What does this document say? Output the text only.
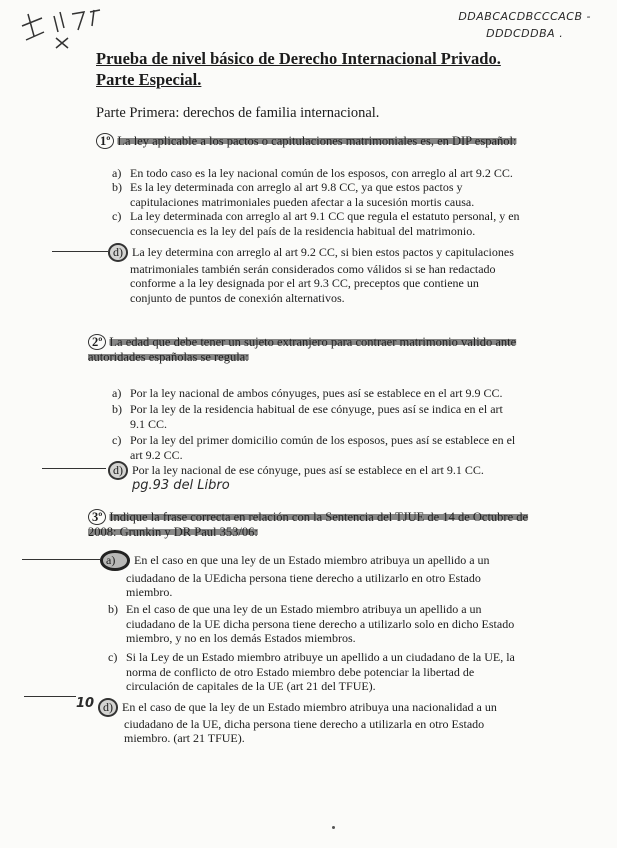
DDABCACDBCCCACB -
DDDCDDBA .
Prueba de nivel básico de Derecho Internacional Privado. Parte Especial.
Parte Primera: derechos de familia internacional.
1º La ley aplicable a los pactos o capitulaciones matrimoniales es, en DIP español:
a) En todo caso es la ley nacional común de los esposos, con arreglo al art 9.2 CC.
b) Es la ley determinada con arreglo al art 9.8 CC, ya que estos pactos y
capitulaciones matrimoniales pueden afectar a la sucesión mortis causa.
c) La ley determinada con arreglo al art 9.1 CC que regula el estatuto personal, y en
consecuencia es la ley del país de la residencia habitual del matrimonio.
d) La ley determina con arreglo al art 9.2 CC, si bien estos pactos y capitulaciones
matrimoniales también serán considerados como válidos si se han redactado
conforme a la ley designada por el art 9.3 CC, preceptos que contiene un
conjunto de puntos de conexión alternativos.
2º La edad que debe tener un sujeto extranjero para contraer matrimonio valido ante
autoridades españolas se regula:
a) Por la ley nacional de ambos cónyuges, pues así se establece en el art 9.9 CC.
b) Por la ley de la residencia habitual de ese cónyuge, pues así se indica en el art
9.1 CC.
c) Por la ley del primer domicilio común de los esposos, pues así se establece en el
art 9.2 CC.
d) Por la ley nacional de ese cónyuge, pues así se establece en el art 9.1 CC.
pg.93 del Libro
3º Indique la frase correcta en relación con la Sentencia del TJUE de 14 de Octubre de
2008: Grunkin y DR Paul 353/06:
a) En el caso en que una ley de un Estado miembro atribuya un apellido a un
ciudadano de la UEdicha persona tiene derecho a utilizarlo en otro Estado
miembro.
b) En el caso de que una ley de un Estado miembro atribuya un apellido a un
ciudadano de la UE dicha persona tiene derecho a utilizarlo solo en dicho Estado
miembro, y no en los demás Estados miembros.
c) Si la Ley de un Estado miembro atribuye un apellido a un ciudadano de la UE, la
norma de conflicto de otro Estado miembro debe potenciar la libertad de
circulación de capitales de la UE (art 21 del TFUE).
10 d) En el caso de que la ley de un Estado miembro atribuya una nacionalidad a un
ciudadano de la UE, dicha persona tiene derecho a utilizarla en otro Estado
miembro. (art 21 TFUE).
